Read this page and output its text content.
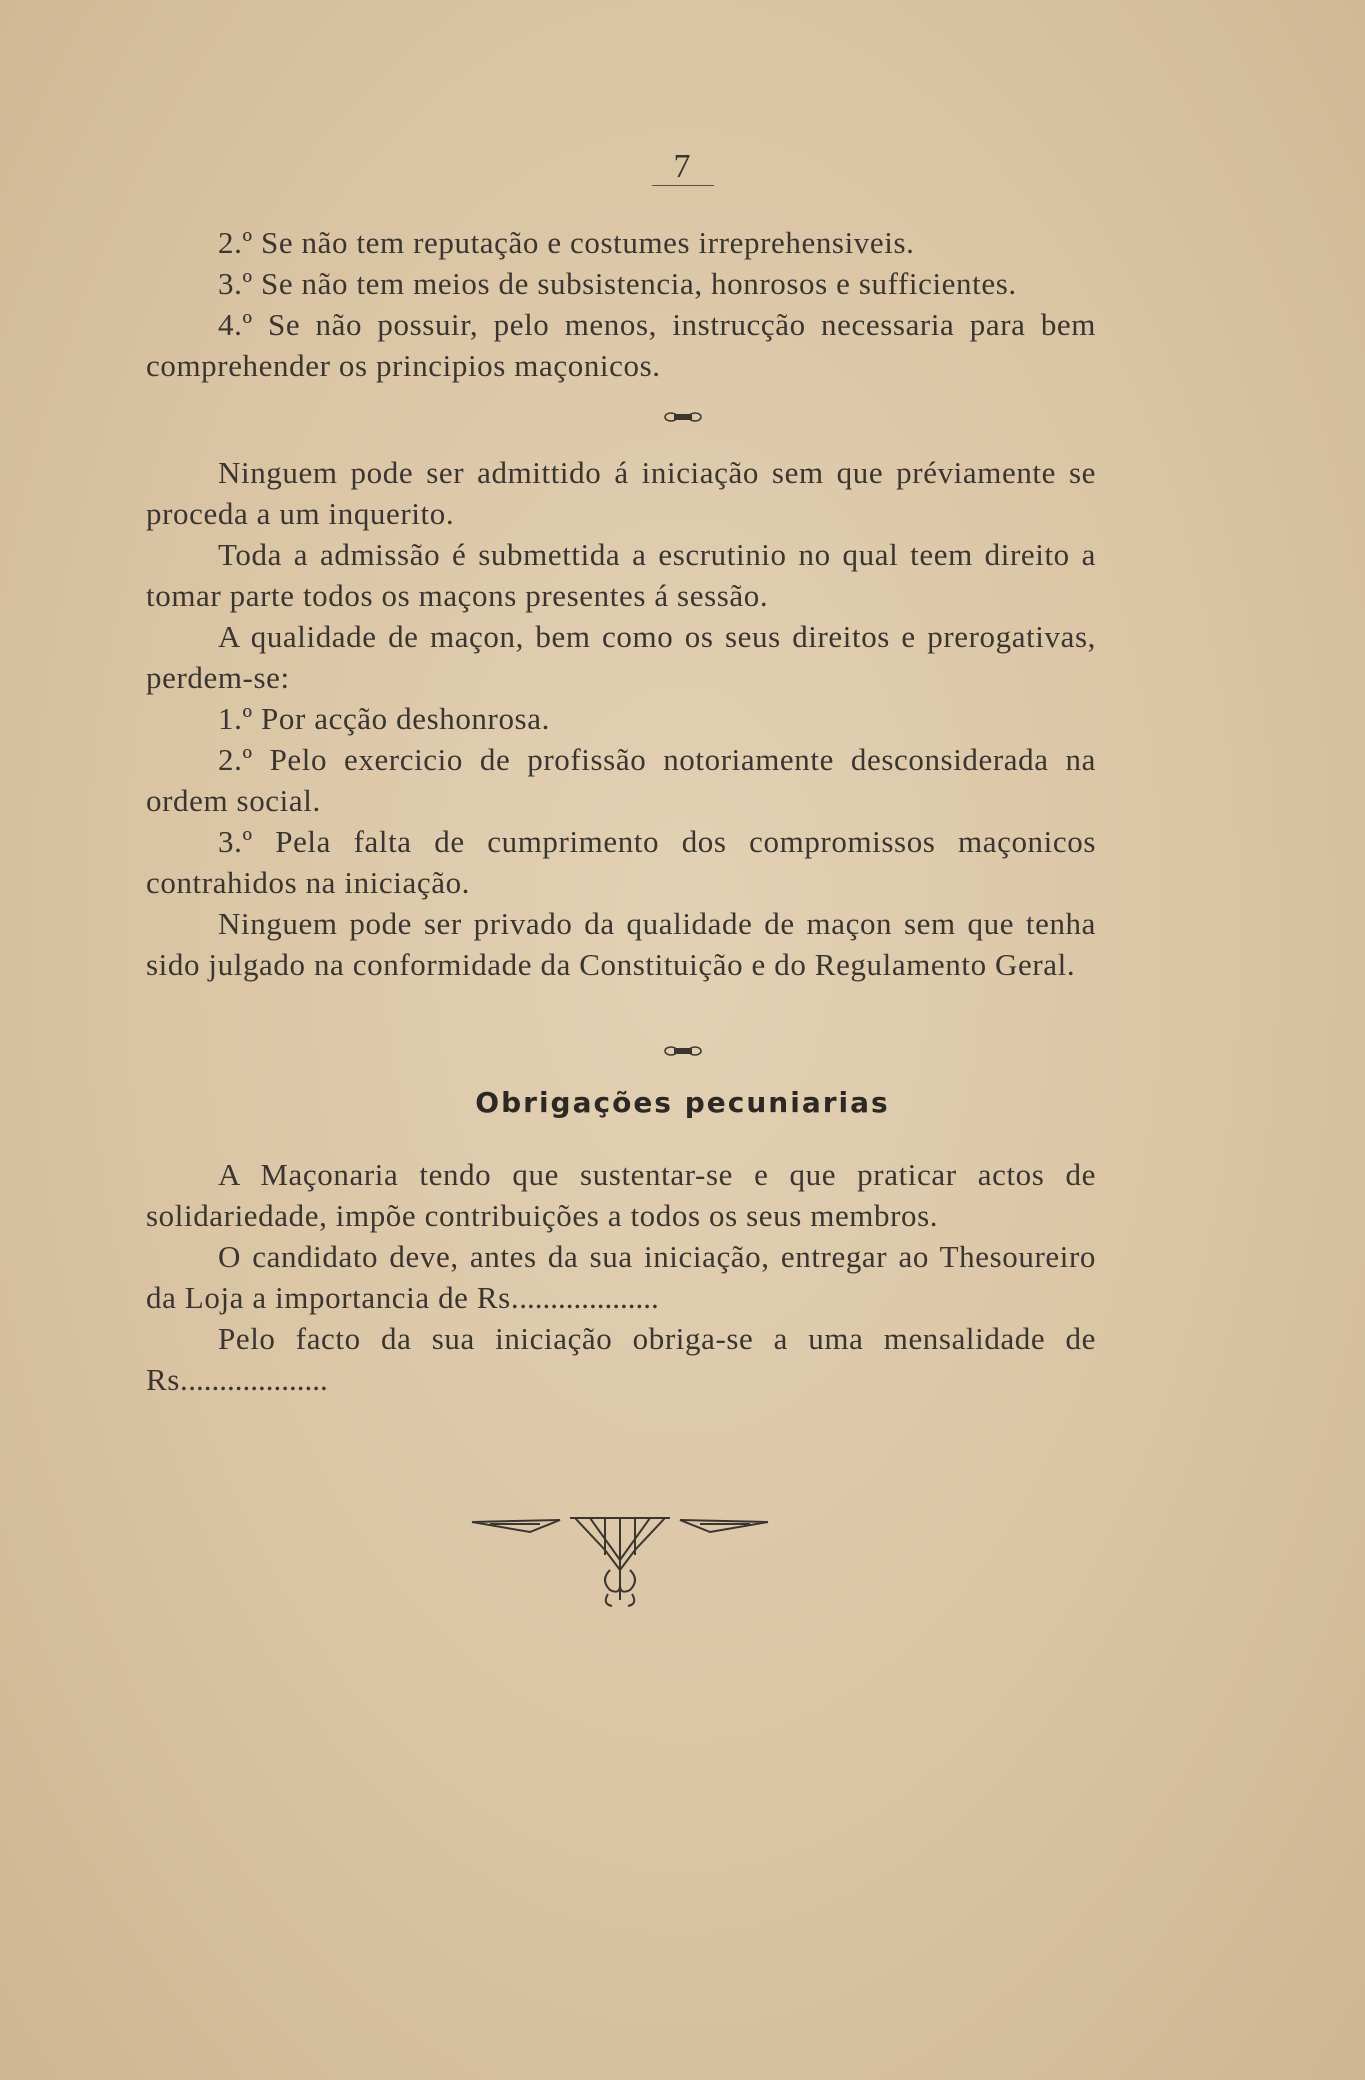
7

2.º Se não tem reputação e costumes irreprehensiveis.

3.º Se não tem meios de subsistencia, honrosos e sufficientes.

4.º Se não possuir, pelo menos, instrucção necessaria para bem comprehender os principios maçonicos.

Ninguem pode ser admittido á iniciação sem que préviamente se proceda a um inquerito.

Toda a admissão é submettida a escrutinio no qual teem direito a tomar parte todos os maçons presentes á sessão.

A qualidade de maçon, bem como os seus direitos e prerogativas, perdem-se:

1.º Por acção deshonrosa.

2.º Pelo exercicio de profissão notoriamente desconsiderada na ordem social.

3.º Pela falta de cumprimento dos compromissos maçonicos contrahidos na iniciação.

Ninguem pode ser privado da qualidade de maçon sem que tenha sido julgado na conformidade da Constituição e do Regulamento Geral.

Obrigações pecuniarias

A Maçonaria tendo que sustentar-se e que praticar actos de solidariedade, impõe contribuições a todos os seus membros.

O candidato deve, antes da sua iniciação, entregar ao Thesoureiro da Loja a importancia de Rs...................

Pelo facto da sua iniciação obriga-se a uma mensalidade de Rs...................
